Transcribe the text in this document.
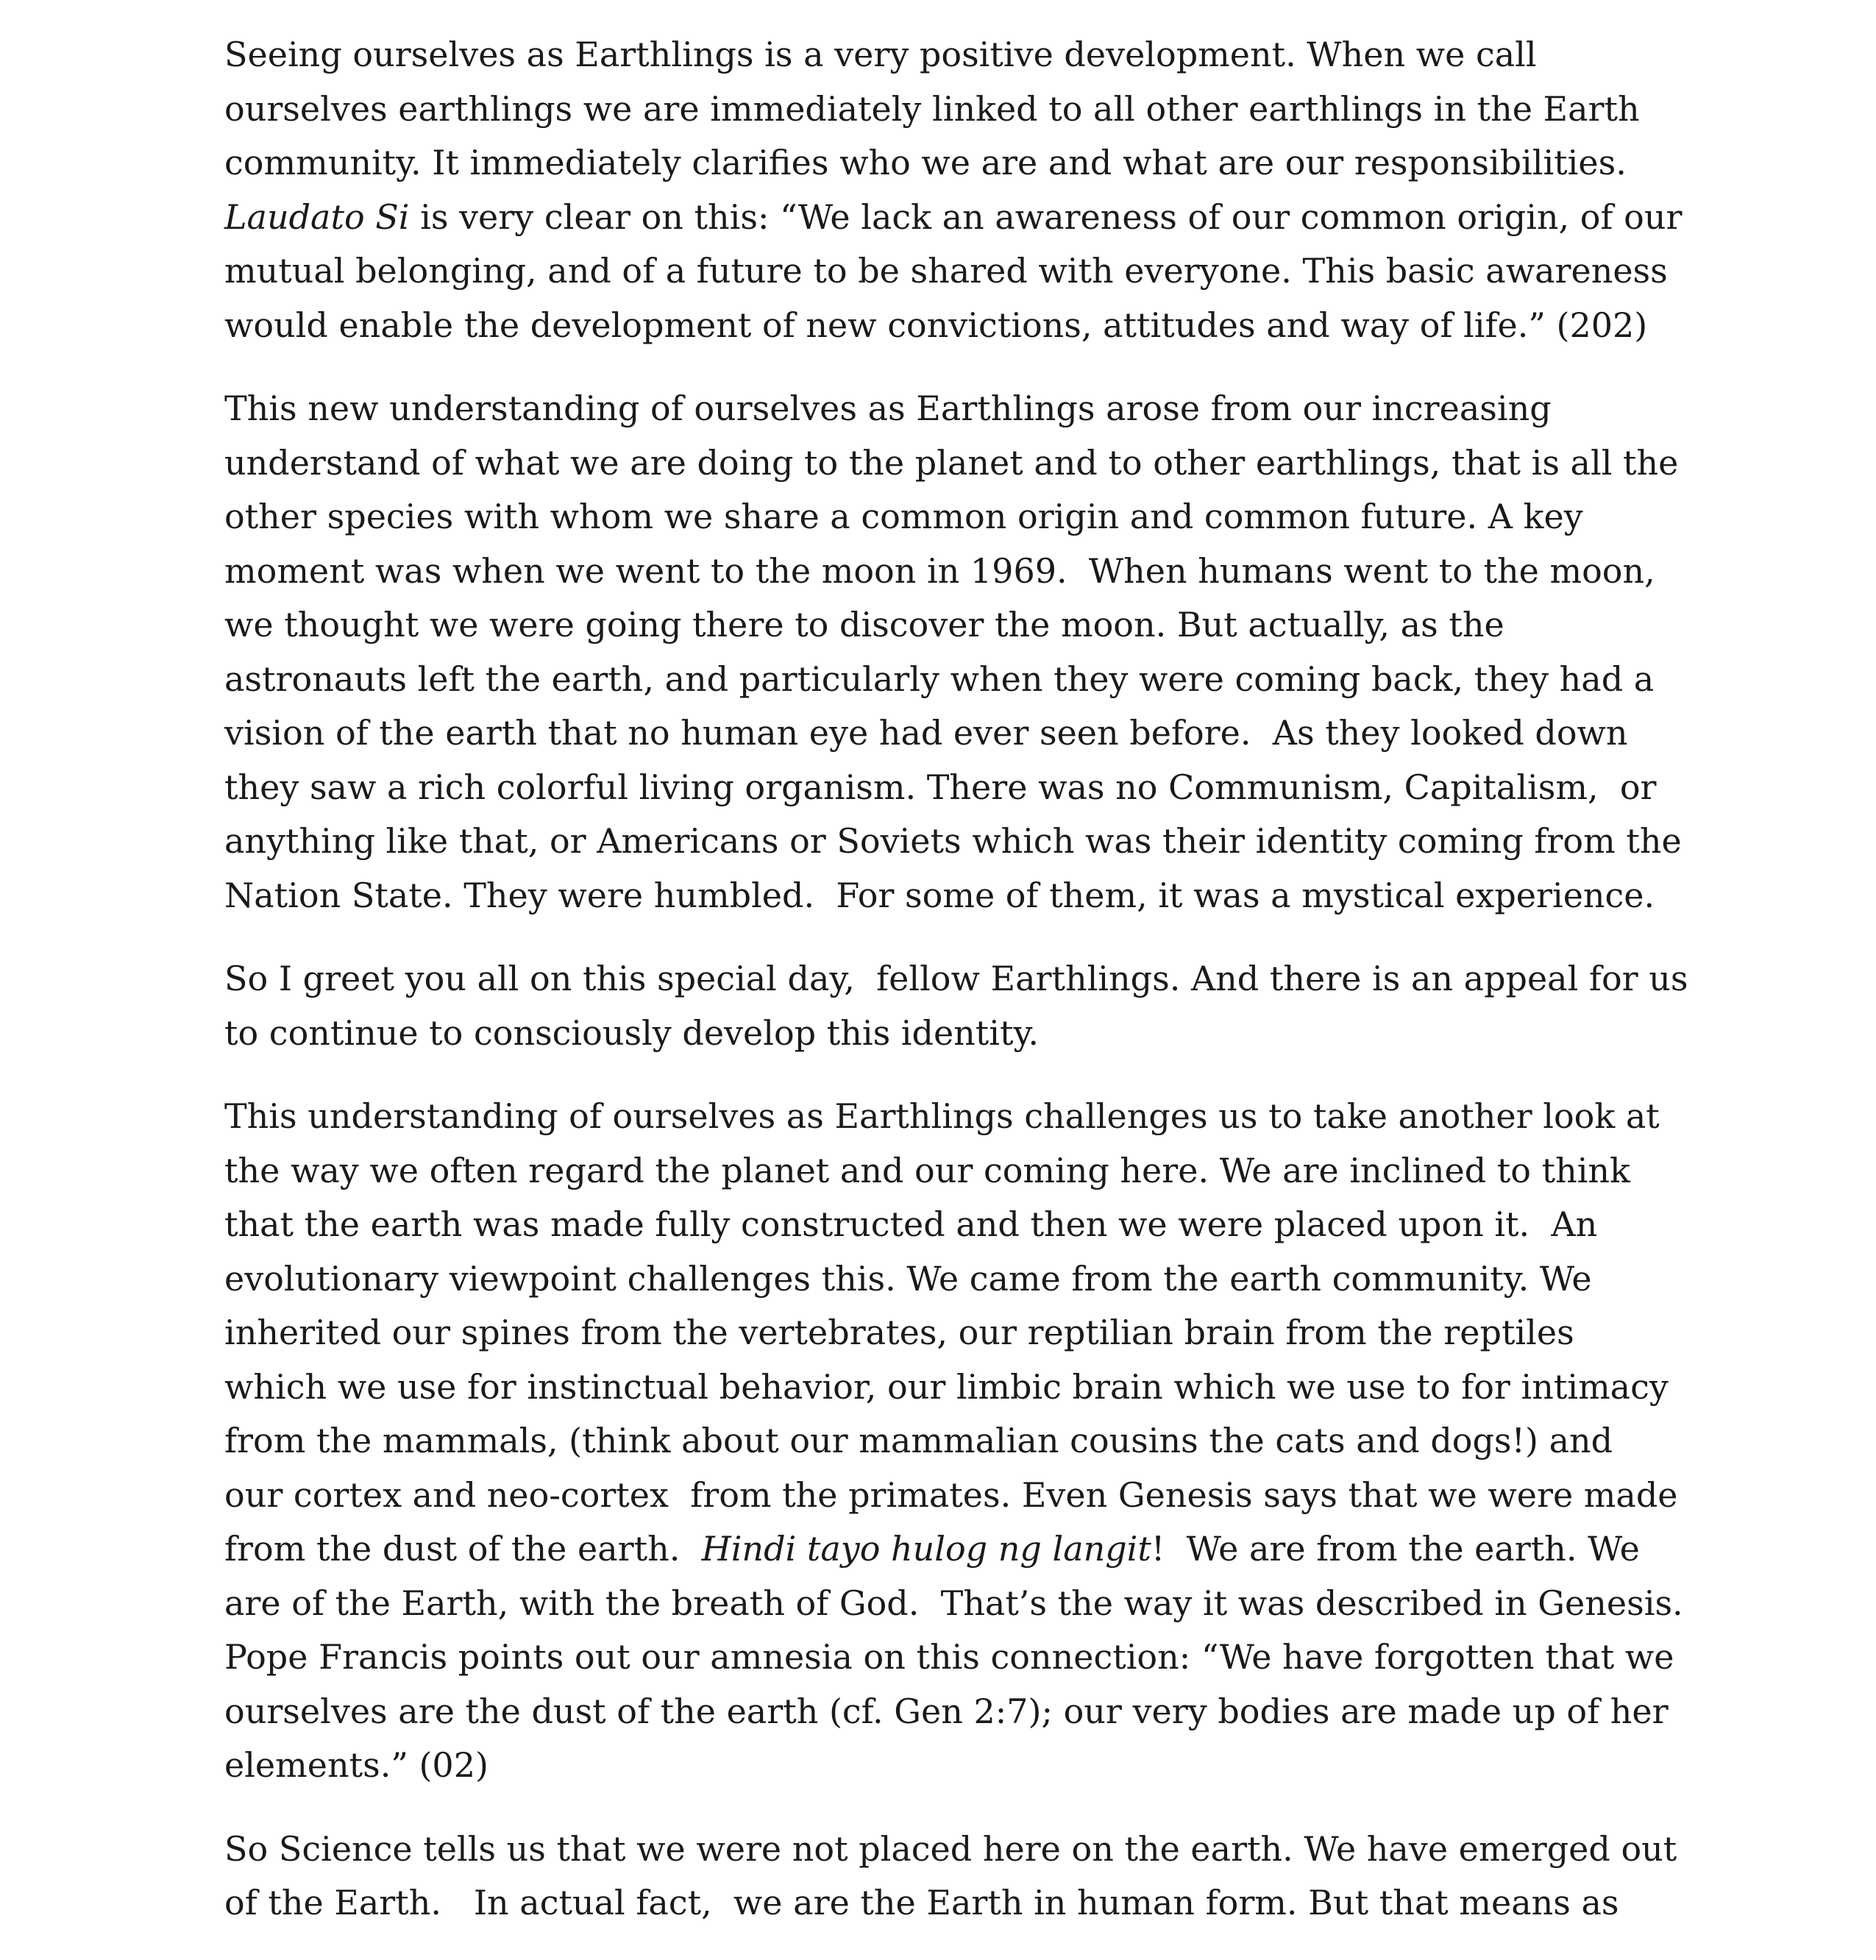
Seeing ourselves as Earthlings is a very positive development. When we call
ourselves earthlings we are immediately linked to all other earthlings in the Earth
community. It immediately clarifies who we are and what are our responsibilities.
Laudato Si is very clear on this: “We lack an awareness of our common origin, of our
mutual belonging, and of a future to be shared with everyone. This basic awareness
would enable the development of new convictions, attitudes and way of life.” (202)
This new understanding of ourselves as Earthlings arose from our increasing
understand of what we are doing to the planet and to other earthlings, that is all the
other species with whom we share a common origin and common future. A key
moment was when we went to the moon in 1969.  When humans went to the moon,
we thought we were going there to discover the moon. But actually, as the
astronauts left the earth, and particularly when they were coming back, they had a
vision of the earth that no human eye had ever seen before.  As they looked down
they saw a rich colorful living organism. There was no Communism, Capitalism,  or
anything like that, or Americans or Soviets which was their identity coming from the
Nation State. They were humbled.  For some of them, it was a mystical experience.
So I greet you all on this special day,  fellow Earthlings. And there is an appeal for us
to continue to consciously develop this identity.
This understanding of ourselves as Earthlings challenges us to take another look at
the way we often regard the planet and our coming here. We are inclined to think
that the earth was made fully constructed and then we were placed upon it.  An
evolutionary viewpoint challenges this. We came from the earth community. We
inherited our spines from the vertebrates, our reptilian brain from the reptiles
which we use for instinctual behavior, our limbic brain which we use to for intimacy
from the mammals, (think about our mammalian cousins the cats and dogs!) and
our cortex and neo-cortex  from the primates. Even Genesis says that we were made
from the dust of the earth.  Hindi tayo hulog ng langit!  We are from the earth. We
are of the Earth, with the breath of God.  That’s the way it was described in Genesis.
Pope Francis points out our amnesia on this connection: “We have forgotten that we
ourselves are the dust of the earth (cf. Gen 2:7); our very bodies are made up of her
elements.” (02)
So Science tells us that we were not placed here on the earth. We have emerged out
of the Earth.   In actual fact,  we are the Earth in human form. But that means as
